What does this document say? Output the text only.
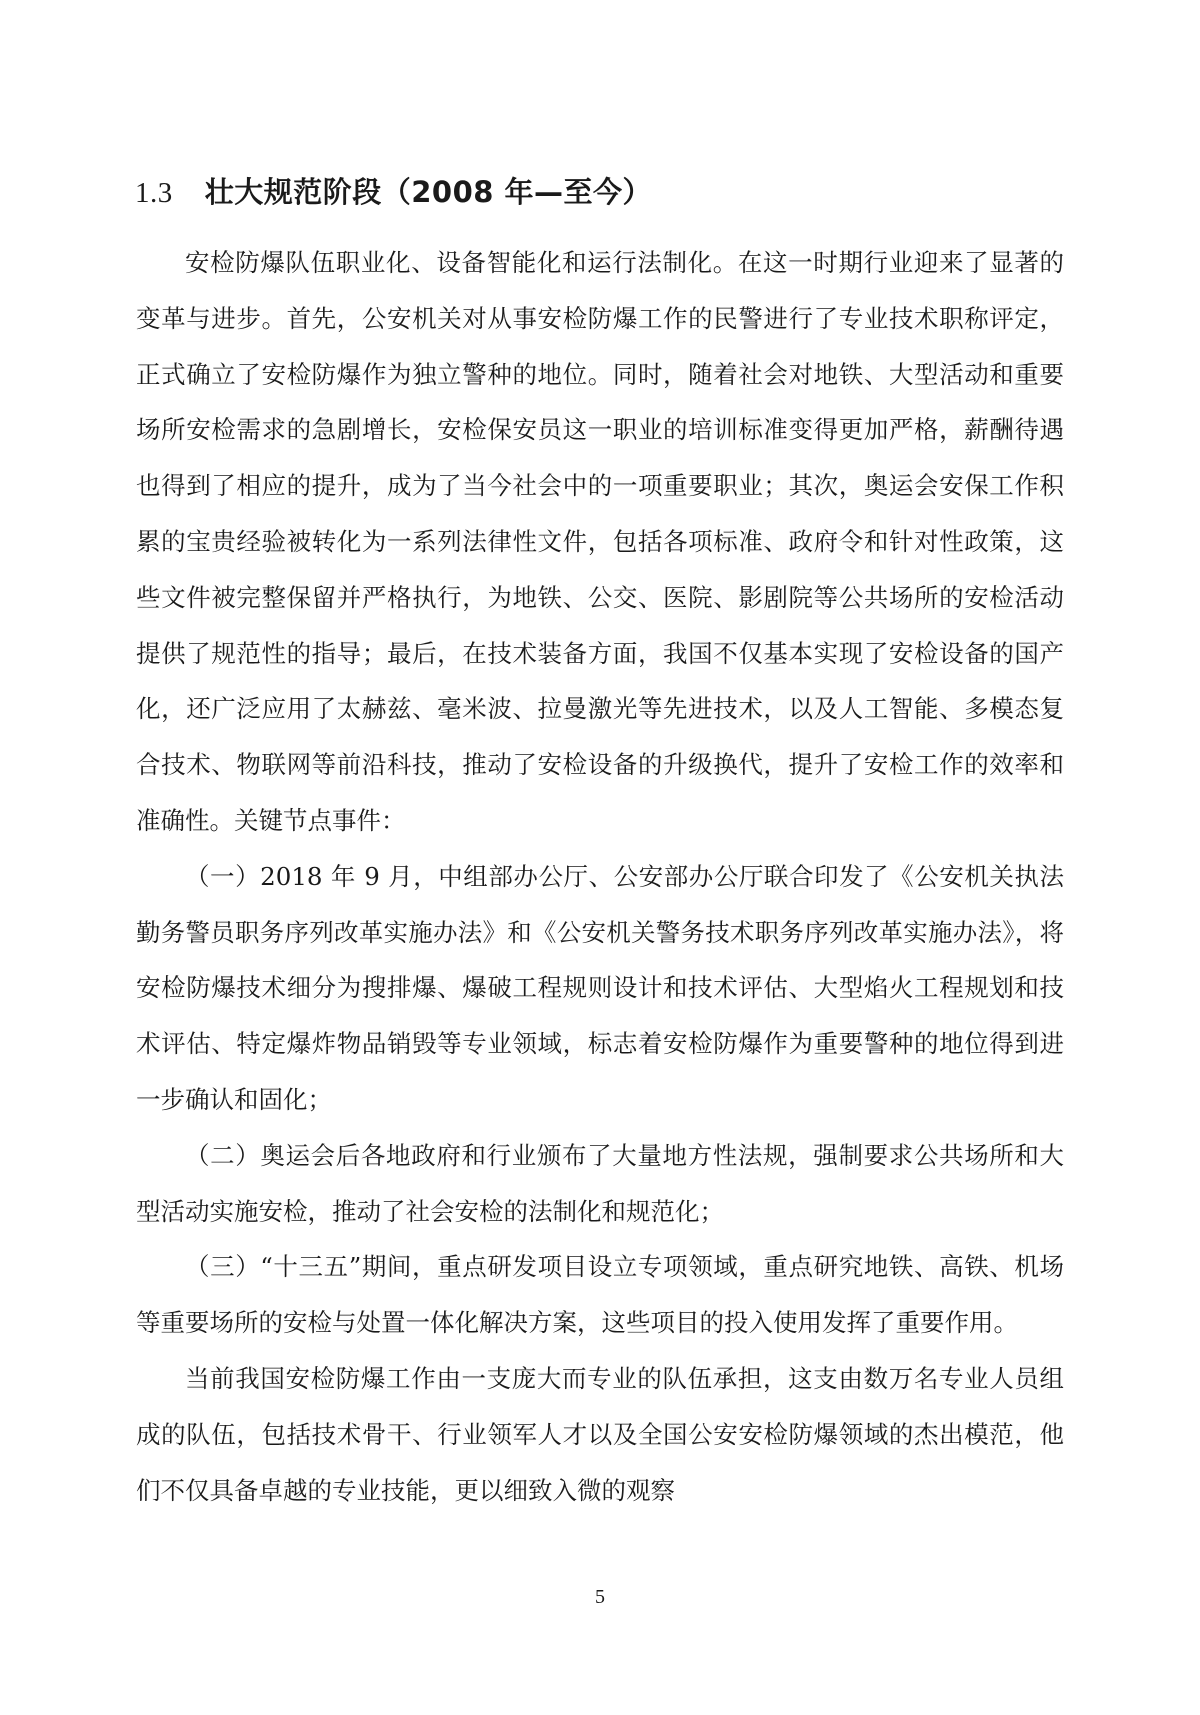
1.3 壮大规范阶段（2008 年—至今）

安检防爆队伍职业化、设备智能化和运行法制化。在这一时期行业迎来了显著的变革与进步。首先，公安机关对从事安检防爆工作的民警进行了专业技术职称评定，正式确立了安检防爆作为独立警种的地位。同时，随着社会对地铁、大型活动和重要场所安检需求的急剧增长，安检保安员这一职业的培训标准变得更加严格，薪酬待遇也得到了相应的提升，成为了当今社会中的一项重要职业；其次，奥运会安保工作积累的宝贵经验被转化为一系列法律性文件，包括各项标准、政府令和针对性政策，这些文件被完整保留并严格执行，为地铁、公交、医院、影剧院等公共场所的安检活动提供了规范性的指导；最后，在技术装备方面，我国不仅基本实现了安检设备的国产化，还广泛应用了太赫兹、毫米波、拉曼激光等先进技术，以及人工智能、多模态复合技术、物联网等前沿科技，推动了安检设备的升级换代，提升了安检工作的效率和准确性。关键节点事件：

（一）2018 年 9 月，中组部办公厅、公安部办公厅联合印发了《公安机关执法勤务警员职务序列改革实施办法》和《公安机关警务技术职务序列改革实施办法》，将安检防爆技术细分为搜排爆、爆破工程规则设计和技术评估、大型焰火工程规划和技术评估、特定爆炸物品销毁等专业领域，标志着安检防爆作为重要警种的地位得到进一步确认和固化；

（二）奥运会后各地政府和行业颁布了大量地方性法规，强制要求公共场所和大型活动实施安检，推动了社会安检的法制化和规范化；

（三）“十三五”期间，重点研发项目设立专项领域，重点研究地铁、高铁、机场等重要场所的安检与处置一体化解决方案，这些项目的投入使用发挥了重要作用。

当前我国安检防爆工作由一支庞大而专业的队伍承担，这支由数万名专业人员组成的队伍，包括技术骨干、行业领军人才以及全国公安安检防爆领域的杰出模范，他们不仅具备卓越的专业技能，更以细致入微的观察

5
